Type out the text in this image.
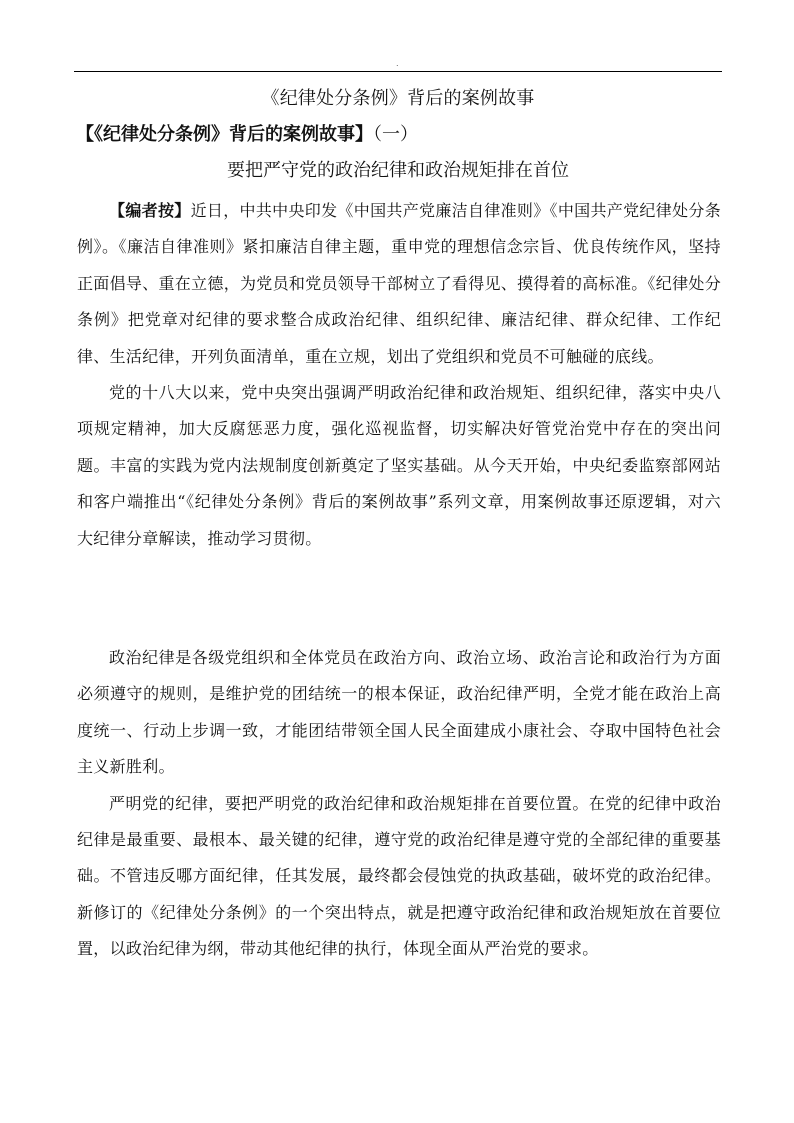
.
《纪律处分条例》背后的案例故事
【《纪律处分条例》背后的案例故事】（一）
要把严守党的政治纪律和政治规矩排在首位

【编者按】近日，中共中央印发《中国共产党廉洁自律准则》《中国共产党纪律处分条例》。《廉洁自律准则》紧扣廉洁自律主题，重申党的理想信念宗旨、优良传统作风，坚持正面倡导、重在立德，为党员和党员领导干部树立了看得见、摸得着的高标准。《纪律处分条例》把党章对纪律的要求整合成政治纪律、组织纪律、廉洁纪律、群众纪律、工作纪律、生活纪律，开列负面清单，重在立规，划出了党组织和党员不可触碰的底线。

党的十八大以来，党中央突出强调严明政治纪律和政治规矩、组织纪律，落实中央八项规定精神，加大反腐惩恶力度，强化巡视监督，切实解决好管党治党中存在的突出问题。丰富的实践为党内法规制度创新奠定了坚实基础。从今天开始，中央纪委监察部网站和客户端推出“《纪律处分条例》背后的案例故事”系列文章，用案例故事还原逻辑，对六大纪律分章解读，推动学习贯彻。

政治纪律是各级党组织和全体党员在政治方向、政治立场、政治言论和政治行为方面必须遵守的规则，是维护党的团结统一的根本保证，政治纪律严明，全党才能在政治上高度统一、行动上步调一致，才能团结带领全国人民全面建成小康社会、夺取中国特色社会主义新胜利。

严明党的纪律，要把严明党的政治纪律和政治规矩排在首要位置。在党的纪律中政治纪律是最重要、最根本、最关键的纪律，遵守党的政治纪律是遵守党的全部纪律的重要基础。不管违反哪方面纪律，任其发展，最终都会侵蚀党的执政基础，破坏党的政治纪律。新修订的《纪律处分条例》的一个突出特点，就是把遵守政治纪律和政治规矩放在首要位置，以政治纪律为纲，带动其他纪律的执行，体现全面从严治党的要求。
